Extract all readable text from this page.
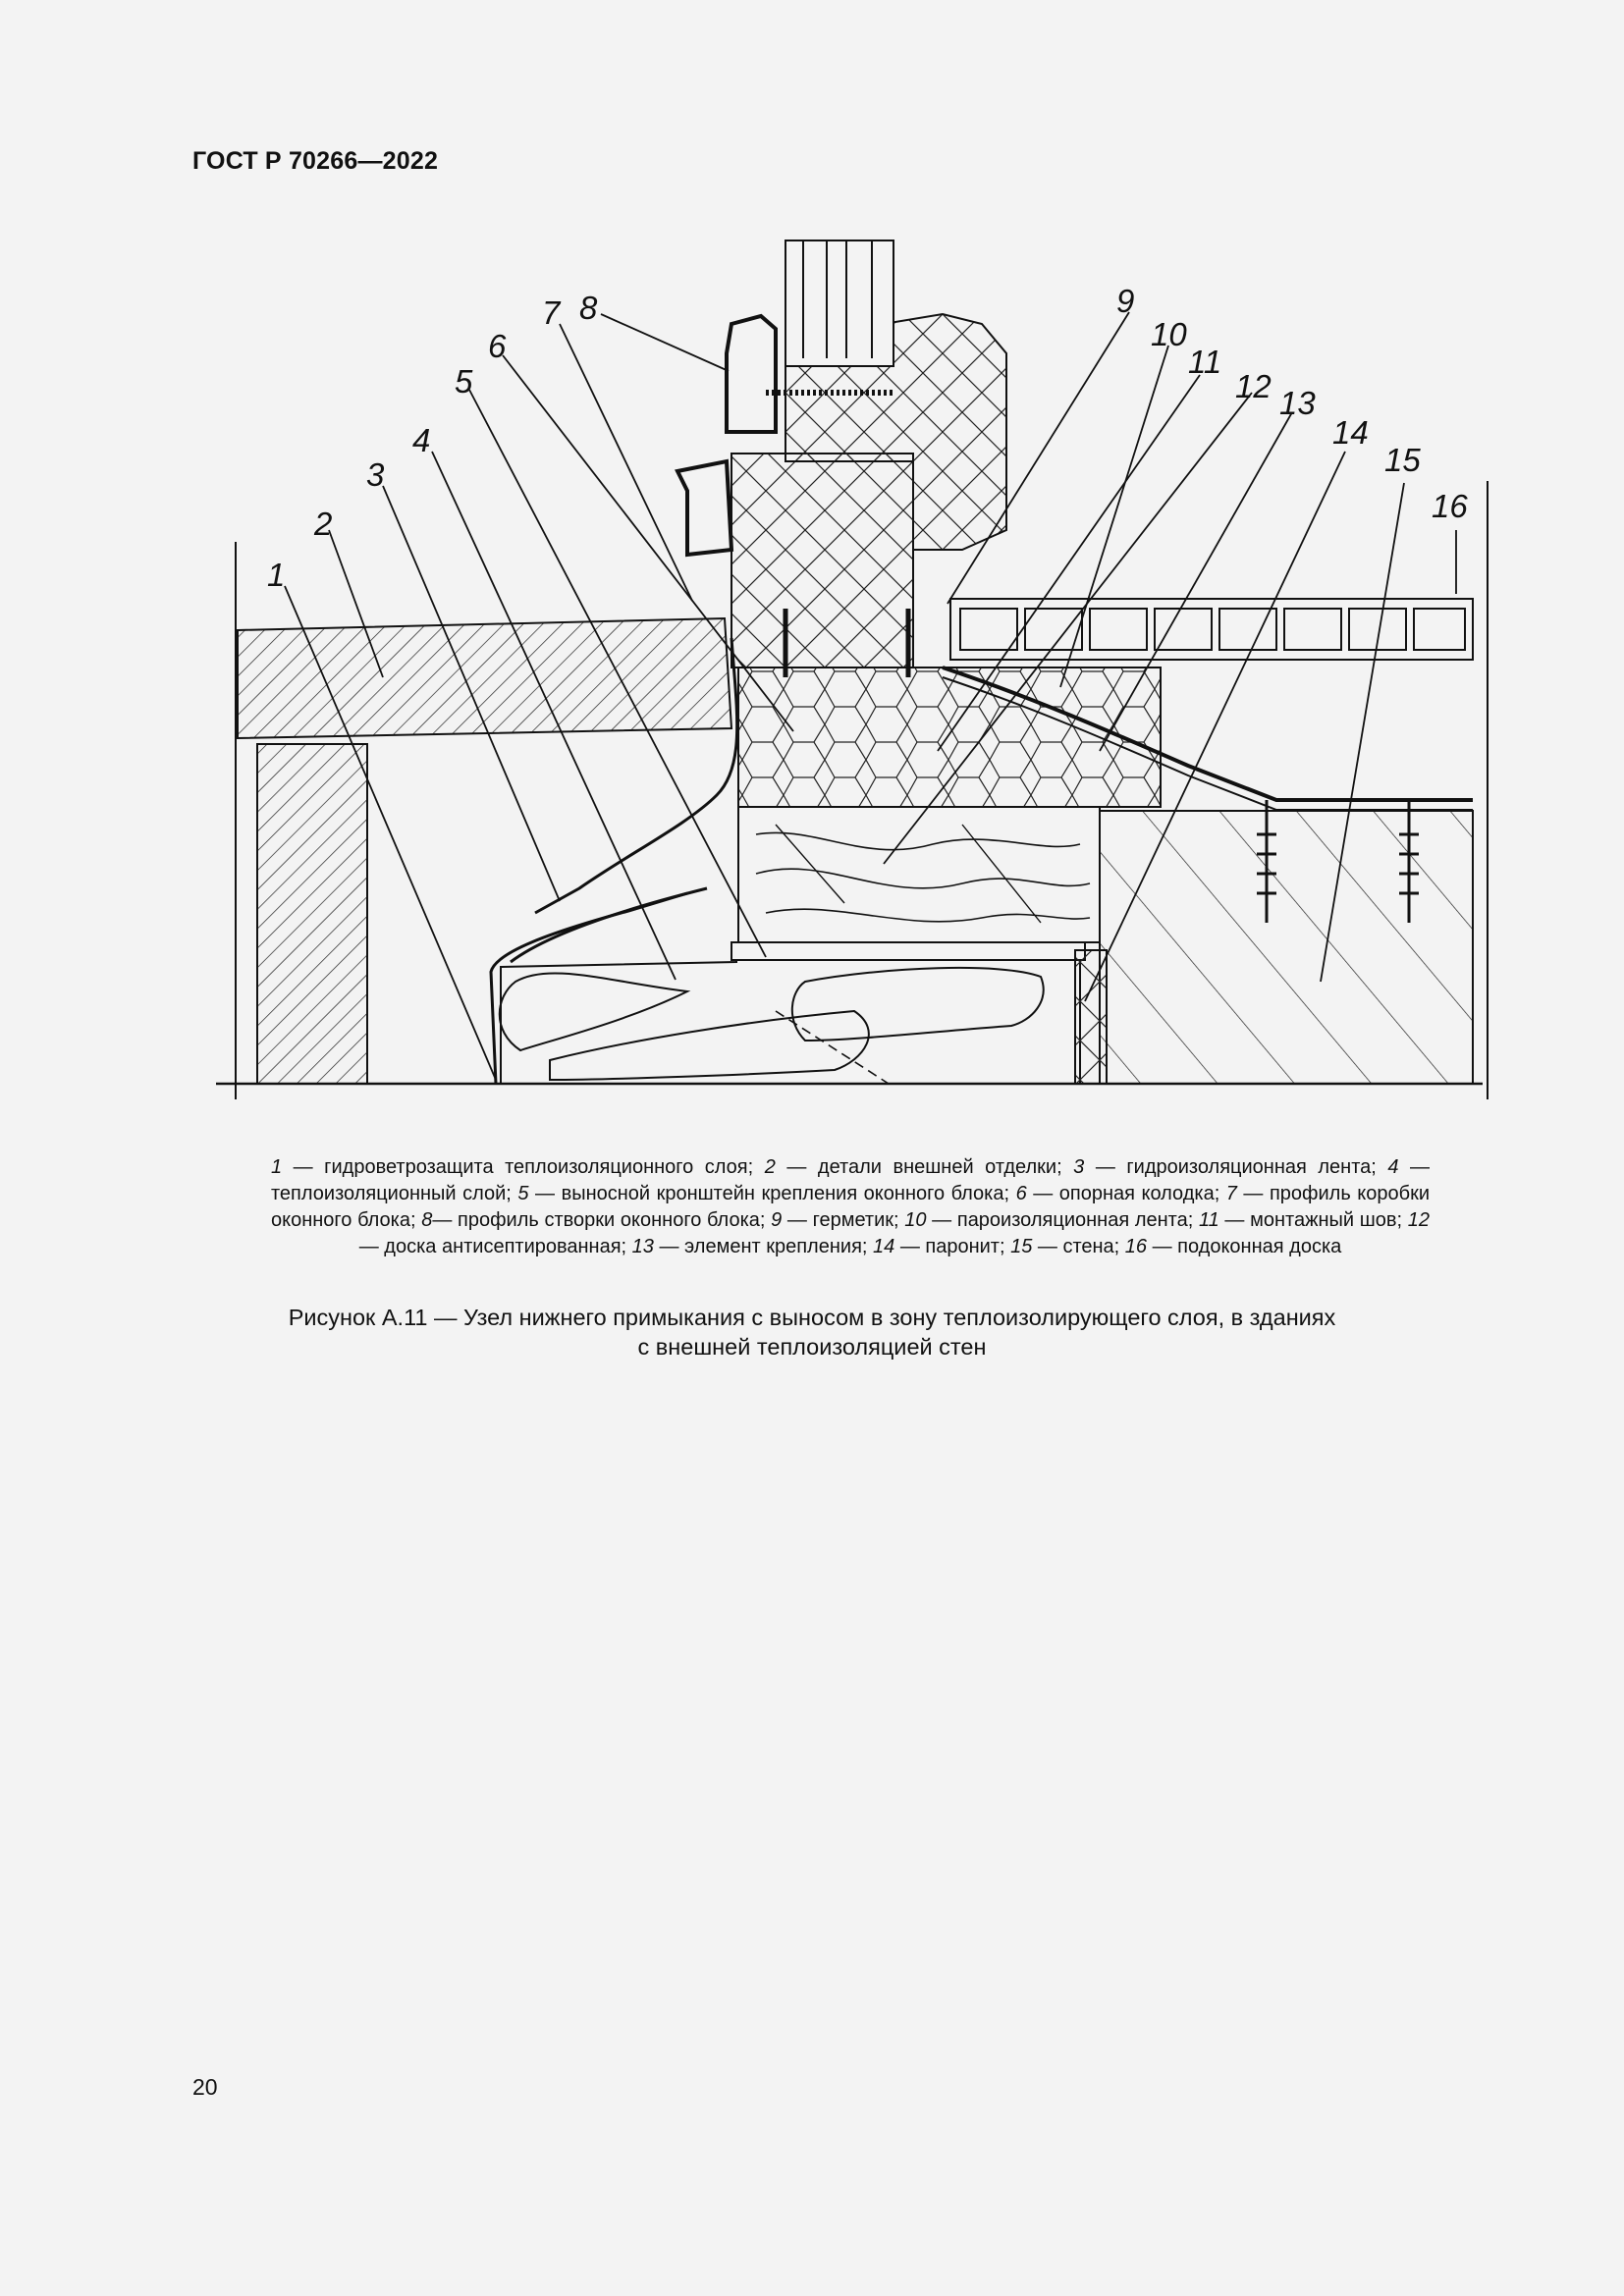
ГОСТ Р 70266—2022
1
2
3
4
5
6
7 8	9
10
11
12 13
14
15
16
1 — гидроветрозащита теплоизоляционного слоя; 2 — детали внешней отделки; 3 — гидроизоляционная лента; 4 — теплоизоляционный слой; 5 — выносной кронштейн крепления оконного блока; 6 — опорная колодка; 7 — профиль коробки оконного блока; 8— профиль створки оконного блока; 9 — герметик; 10 — пароизоляционная лента; 11 — монтажный шов; 12 — доска антисептированная; 13 — элемент крепления; 14 — паронит; 15 — стена; 16 — подоконная доска
Рисунок А.11 — Узел нижнего примыкания с выносом в зону теплоизолирующего слоя, в зданиях
с внешней теплоизоляцией стен
20
